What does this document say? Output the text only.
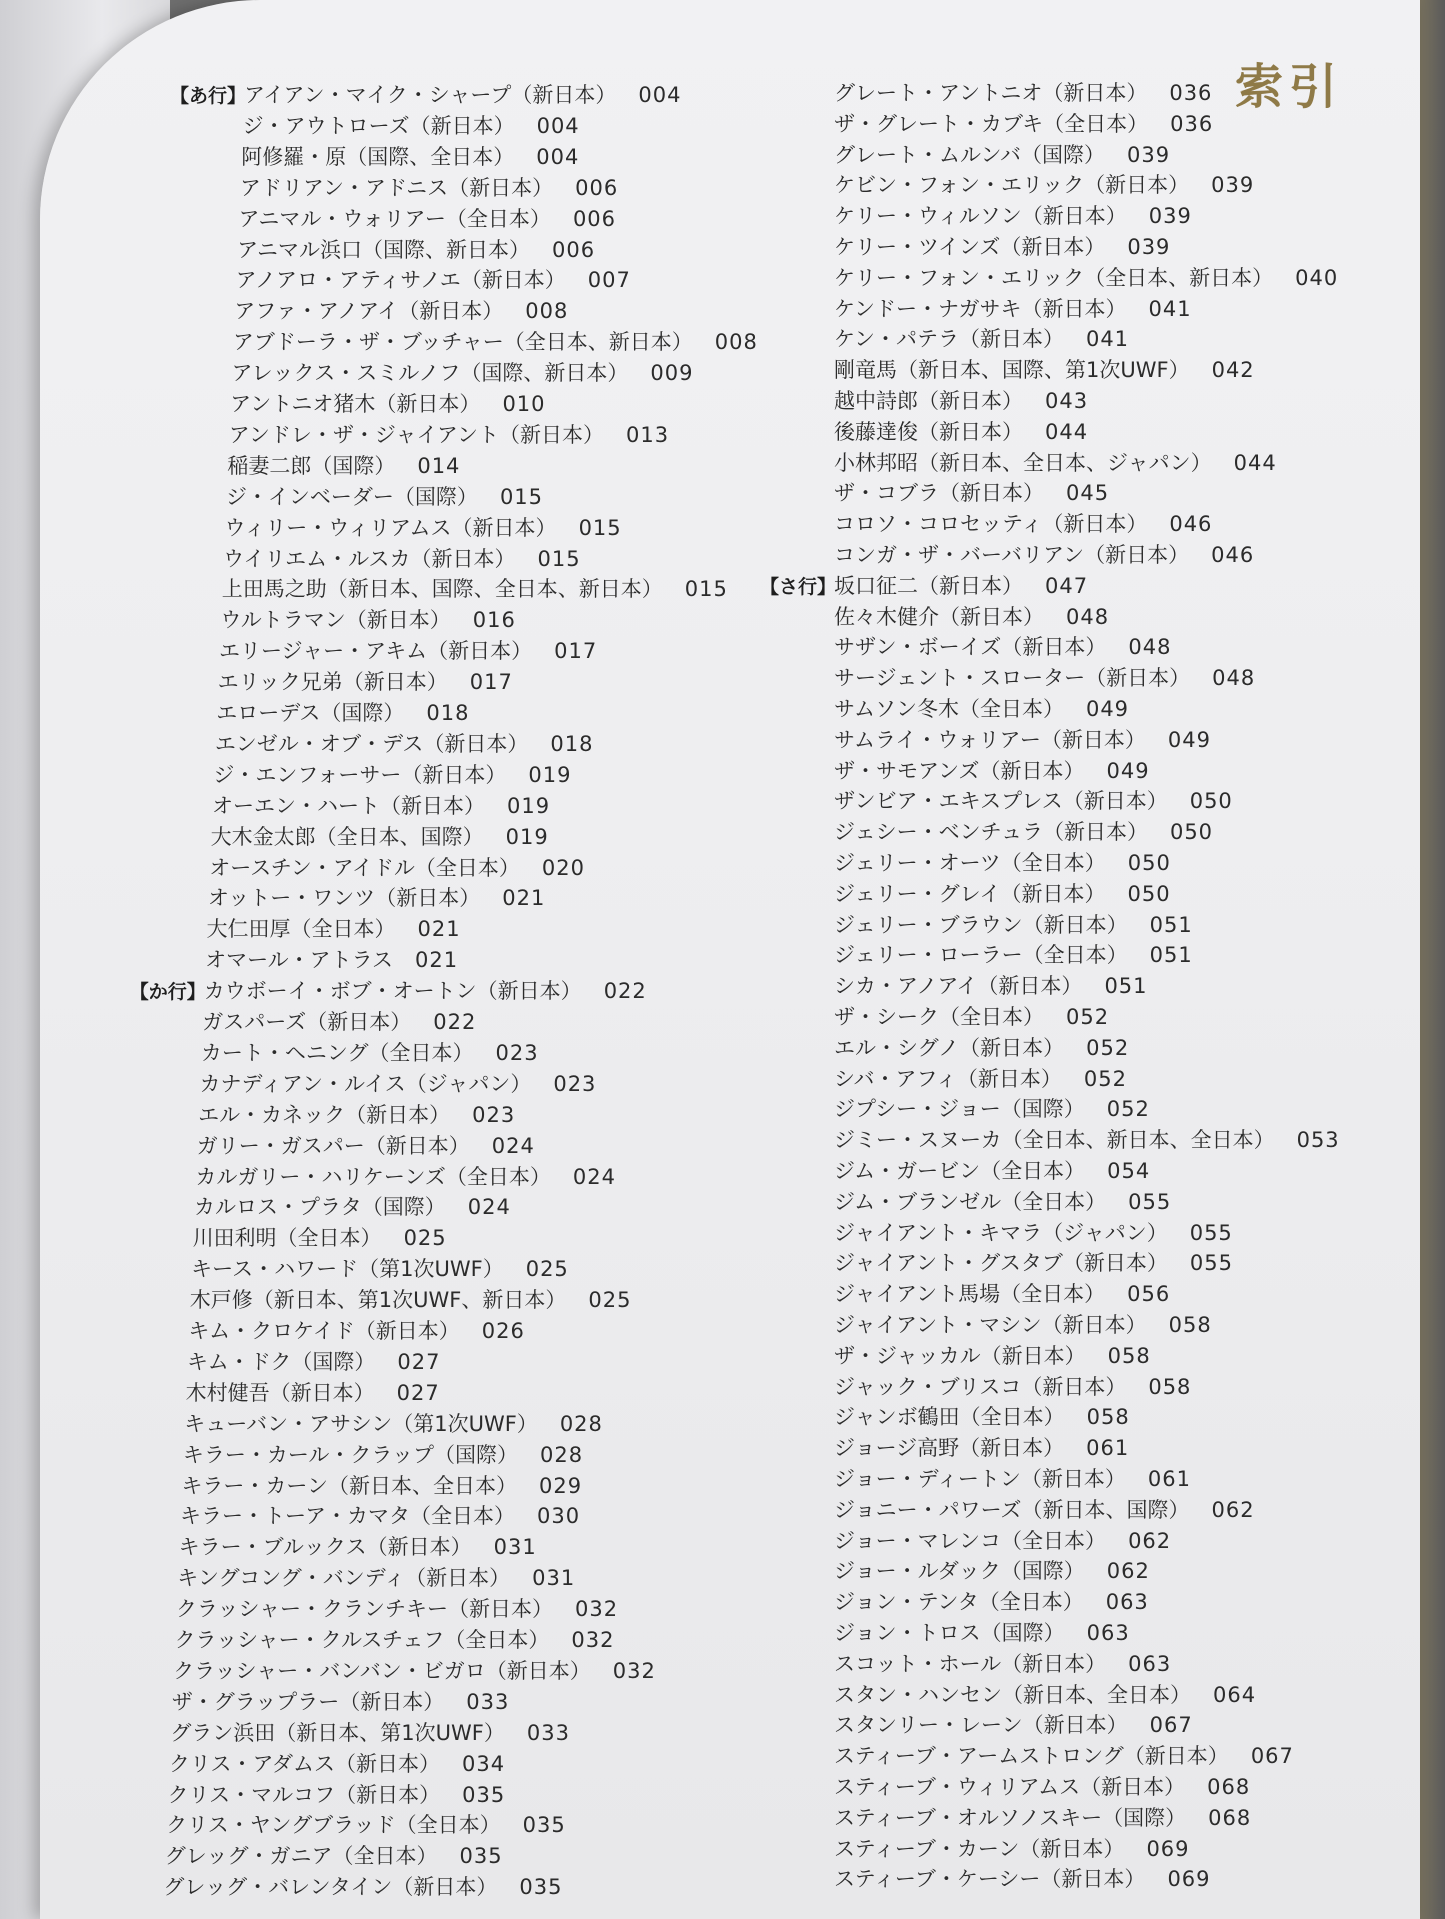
索引
【あ行】アイアン・マイク・シャープ（新日本） 004
ジ・アウトローズ（新日本） 004
阿修羅・原（国際、全日本） 004
アドリアン・アドニス（新日本） 006
アニマル・ウォリアー（全日本） 006
アニマル浜口（国際、新日本） 006
アノアロ・アティサノエ（新日本） 007
アファ・アノアイ（新日本） 008
アブドーラ・ザ・ブッチャー（全日本、新日本） 008
アレックス・スミルノフ（国際、新日本） 009
アントニオ猪木（新日本） 010
アンドレ・ザ・ジャイアント（新日本） 013
稲妻二郎（国際） 014
ジ・インベーダー（国際） 015
ウィリー・ウィリアムス（新日本） 015
ウイリエム・ルスカ（新日本） 015
上田馬之助（新日本、国際、全日本、新日本） 015
ウルトラマン（新日本） 016
エリージャー・アキム（新日本） 017
エリック兄弟（新日本） 017
エローデス（国際） 018
エンゼル・オブ・デス（新日本） 018
ジ・エンフォーサー（新日本） 019
オーエン・ハート（新日本） 019
大木金太郎（全日本、国際） 019
オースチン・アイドル（全日本） 020
オットー・ワンツ（新日本） 021
大仁田厚（全日本） 021
オマール・アトラス 021
【か行】カウボーイ・ボブ・オートン（新日本） 022
ガスパーズ（新日本） 022
カート・ヘニング（全日本） 023
カナディアン・ルイス（ジャパン） 023
エル・カネック（新日本） 023
ガリー・ガスパー（新日本） 024
カルガリー・ハリケーンズ（全日本） 024
カルロス・プラタ（国際） 024
川田利明（全日本） 025
キース・ハワード（第1次UWF） 025
木戸修（新日本、第1次UWF、新日本） 025
キム・クロケイド（新日本） 026
キム・ドク（国際） 027
木村健吾（新日本） 027
キューバン・アサシン（第1次UWF） 028
キラー・カール・クラップ（国際） 028
キラー・カーン（新日本、全日本） 029
キラー・トーア・カマタ（全日本） 030
キラー・ブルックス（新日本） 031
キングコング・バンディ（新日本） 031
クラッシャー・クランチキー（新日本） 032
クラッシャー・クルスチェフ（全日本） 032
クラッシャー・バンバン・ビガロ（新日本） 032
ザ・グラップラー（新日本） 033
グラン浜田（新日本、第1次UWF） 033
クリス・アダムス（新日本） 034
クリス・マルコフ（新日本） 035
クリス・ヤングブラッド（全日本） 035
グレッグ・ガニア（全日本） 035
グレッグ・バレンタイン（新日本） 035
グレート・アントニオ（新日本） 036
ザ・グレート・カブキ（全日本） 036
グレート・ムルンバ（国際） 039
ケビン・フォン・エリック（新日本） 039
ケリー・ウィルソン（新日本） 039
ケリー・ツインズ（新日本） 039
ケリー・フォン・エリック（全日本、新日本） 040
ケンドー・ナガサキ（新日本） 041
ケン・パテラ（新日本） 041
剛竜馬（新日本、国際、第1次UWF） 042
越中詩郎（新日本） 043
後藤達俊（新日本） 044
小林邦昭（新日本、全日本、ジャパン） 044
ザ・コブラ（新日本） 045
コロソ・コロセッティ（新日本） 046
コンガ・ザ・バーバリアン（新日本） 046
【さ行】坂口征二（新日本） 047
佐々木健介（新日本） 048
サザン・ボーイズ（新日本） 048
サージェント・スローター（新日本） 048
サムソン冬木（全日本） 049
サムライ・ウォリアー（新日本） 049
ザ・サモアンズ（新日本） 049
ザンビア・エキスプレス（新日本） 050
ジェシー・ベンチュラ（新日本） 050
ジェリー・オーツ（全日本） 050
ジェリー・グレイ（新日本） 050
ジェリー・ブラウン（新日本） 051
ジェリー・ローラー（全日本） 051
シカ・アノアイ（新日本） 051
ザ・シーク（全日本） 052
エル・シグノ（新日本） 052
シバ・アフィ（新日本） 052
ジプシー・ジョー（国際） 052
ジミー・スヌーカ（全日本、新日本、全日本） 053
ジム・ガービン（全日本） 054
ジム・ブランゼル（全日本） 055
ジャイアント・キマラ（ジャパン） 055
ジャイアント・グスタブ（新日本） 055
ジャイアント馬場（全日本） 056
ジャイアント・マシン（新日本） 058
ザ・ジャッカル（新日本） 058
ジャック・ブリスコ（新日本） 058
ジャンボ鶴田（全日本） 058
ジョージ高野（新日本） 061
ジョー・ディートン（新日本） 061
ジョニー・パワーズ（新日本、国際） 062
ジョー・マレンコ（全日本） 062
ジョー・ルダック（国際） 062
ジョン・テンタ（全日本） 063
ジョン・トロス（国際） 063
スコット・ホール（新日本） 063
スタン・ハンセン（新日本、全日本） 064
スタンリー・レーン（新日本） 067
スティーブ・アームストロング（新日本） 067
スティーブ・ウィリアムス（新日本） 068
スティーブ・オルソノスキー（国際） 068
スティーブ・カーン（新日本） 069
スティーブ・ケーシー（新日本） 069
